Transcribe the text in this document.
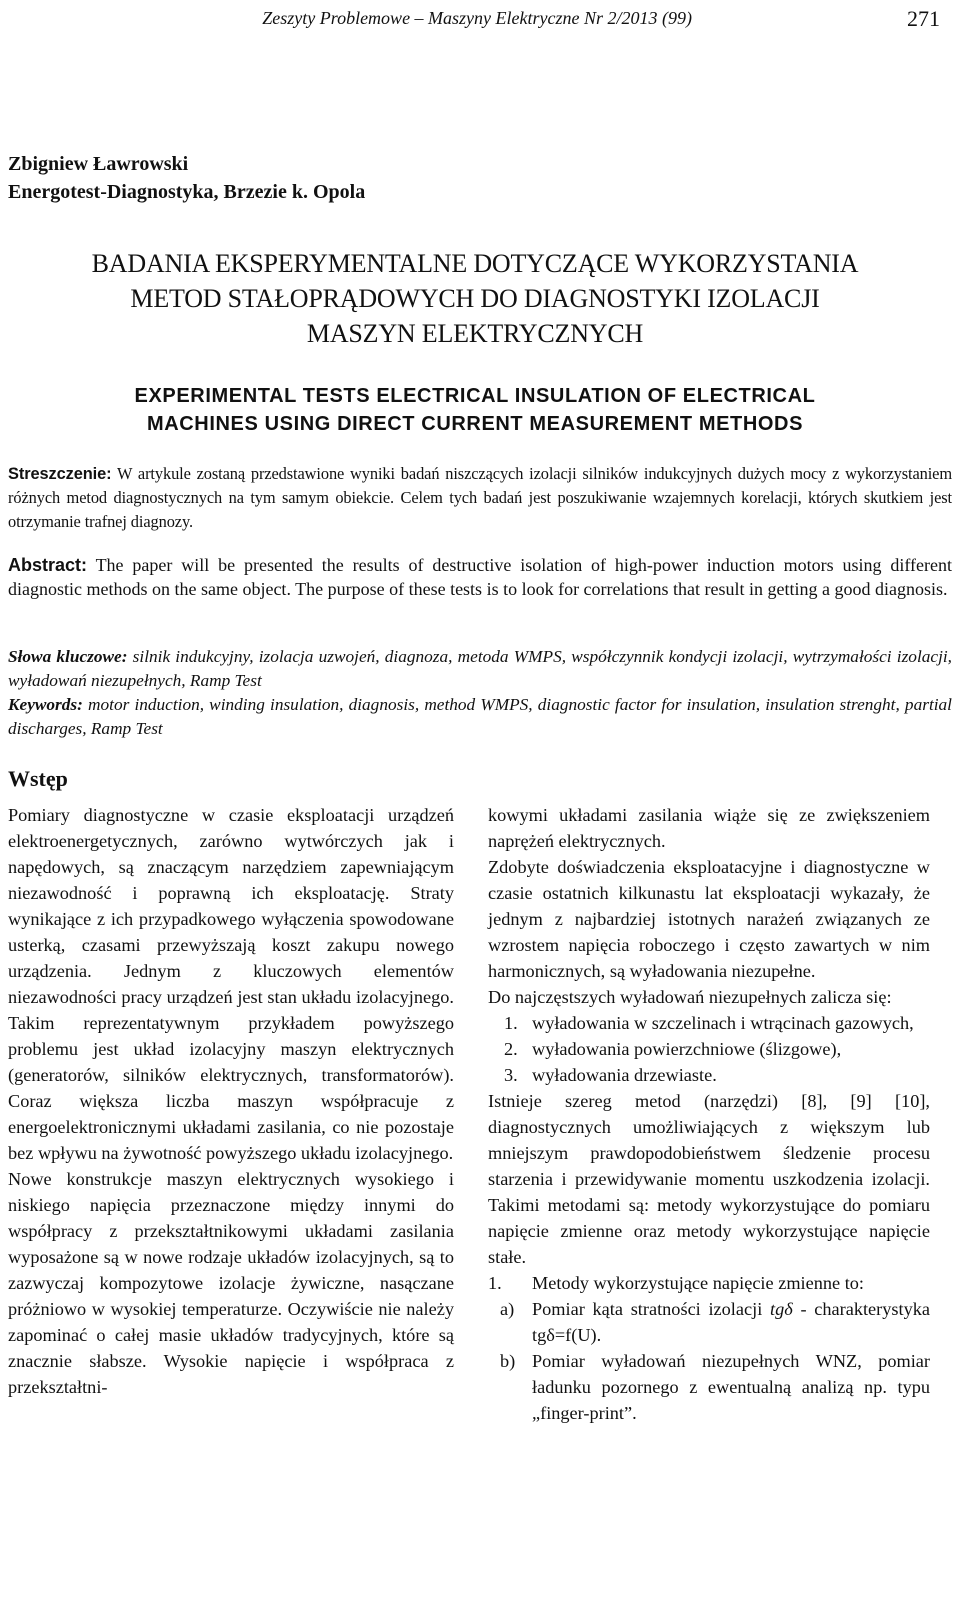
Zeszyty Problemowe – Maszyny Elektryczne Nr 2/2013 (99)	271
Zbigniew Ławrowski
Energotest-Diagnostyka, Brzezie k. Opola
BADANIA EKSPERYMENTALNE DOTYCZĄCE WYKORZYSTANIA
METOD STAŁOPRĄDOWYCH DO DIAGNOSTYKI IZOLACJI
MASZYN ELEKTRYCZNYCH
EXPERIMENTAL TESTS ELECTRICAL INSULATION OF ELECTRICAL
MACHINES USING DIRECT CURRENT MEASUREMENT METHODS
Streszczenie: W artykule zostaną przedstawione wyniki badań niszczących izolacji silników indukcyjnych dużych mocy z wykorzystaniem różnych metod diagnostycznych na tym samym obiekcie. Celem tych badań jest poszukiwanie wzajemnych korelacji, których skutkiem jest otrzymanie trafnej diagnozy.
Abstract: The paper will be presented the results of destructive isolation of high-power induction motors using different diagnostic methods on the same object. The purpose of these tests is to look for correlations that result in getting a good diagnosis.
Słowa kluczowe: silnik indukcyjny, izolacja uzwojeń, diagnoza, metoda WMPS, współczynnik kondycji izolacji, wytrzymałości izolacji, wyładowań niezupełnych, Ramp Test
Keywords: motor induction, winding insulation, diagnosis, method WMPS, diagnostic factor for insulation, insulation strenght, partial discharges, Ramp Test
Wstęp

Pomiary diagnostyczne w czasie eksploatacji urządzeń elektroenergetycznych, zarówno wytwórczych jak i napędowych, są znaczącym narzędziem zapewniającym niezawodność i poprawną ich eksploatację. Straty wynikające z ich przypadkowego wyłączenia spowodowane usterką, czasami przewyższają koszt zakupu nowego urządzenia. Jednym z kluczowych elementów niezawodności pracy urządzeń jest stan układu izolacyjnego. Takim reprezentatywnym przykładem powyższego problemu jest układ izolacyjny maszyn elektrycznych (generatorów, silników elektrycznych, transformatorów). Coraz większa liczba maszyn współpracuje z energoelektronicznymi układami zasilania, co nie pozostaje bez wpływu na żywotność powyższego układu izolacyjnego.

Nowe konstrukcje maszyn elektrycznych wysokiego i niskiego napięcia przeznaczone między innymi do współpracy z przekształtnikowymi układami zasilania wyposażone są w nowe rodzaje układów izolacyjnych, są to zazwyczaj kompozytowe izolacje żywiczne, nasączane próżniowo w wysokiej temperaturze. Oczywiście nie należy zapominać o całej masie układów tradycyjnych, które są znacznie słabsze. Wysokie napięcie i współpraca z przekształtni-

kowymi układami zasilania wiąże się ze zwiększeniem naprężeń elektrycznych.

Zdobyte doświadczenia eksploatacyjne i diagnostyczne w czasie ostatnich kilkunastu lat eksploatacji wykazały, że jednym z najbardziej istotnych narażeń związanych ze wzrostem napięcia roboczego i często zawartych w nim harmonicznych, są wyładowania niezupełne.

Do najczęstszych wyładowań niezupełnych zalicza się:

1. wyładowania w szczelinach i wtrącinach gazowych,
2. wyładowania powierzchniowe (ślizgowe),
3. wyładowania drzewiaste.

Istnieje szereg metod (narzędzi) [8], [9] [10], diagnostycznych umożliwiających z większym lub mniejszym prawdopodobieństwem śledzenie procesu starzenia i przewidywanie momentu uszkodzenia izolacji. Takimi metodami są: metody wykorzystujące do pomiaru napięcie zmienne oraz metody wykorzystujące napięcie stałe.

1. Metody wykorzystujące napięcie zmienne to:
a) Pomiar kąta stratności izolacji tgδ - charakterystyka tgδ=f(U).
b) Pomiar wyładowań niezupełnych WNZ, pomiar ładunku pozornego z ewentualną analizą np. typu „finger-print”.
